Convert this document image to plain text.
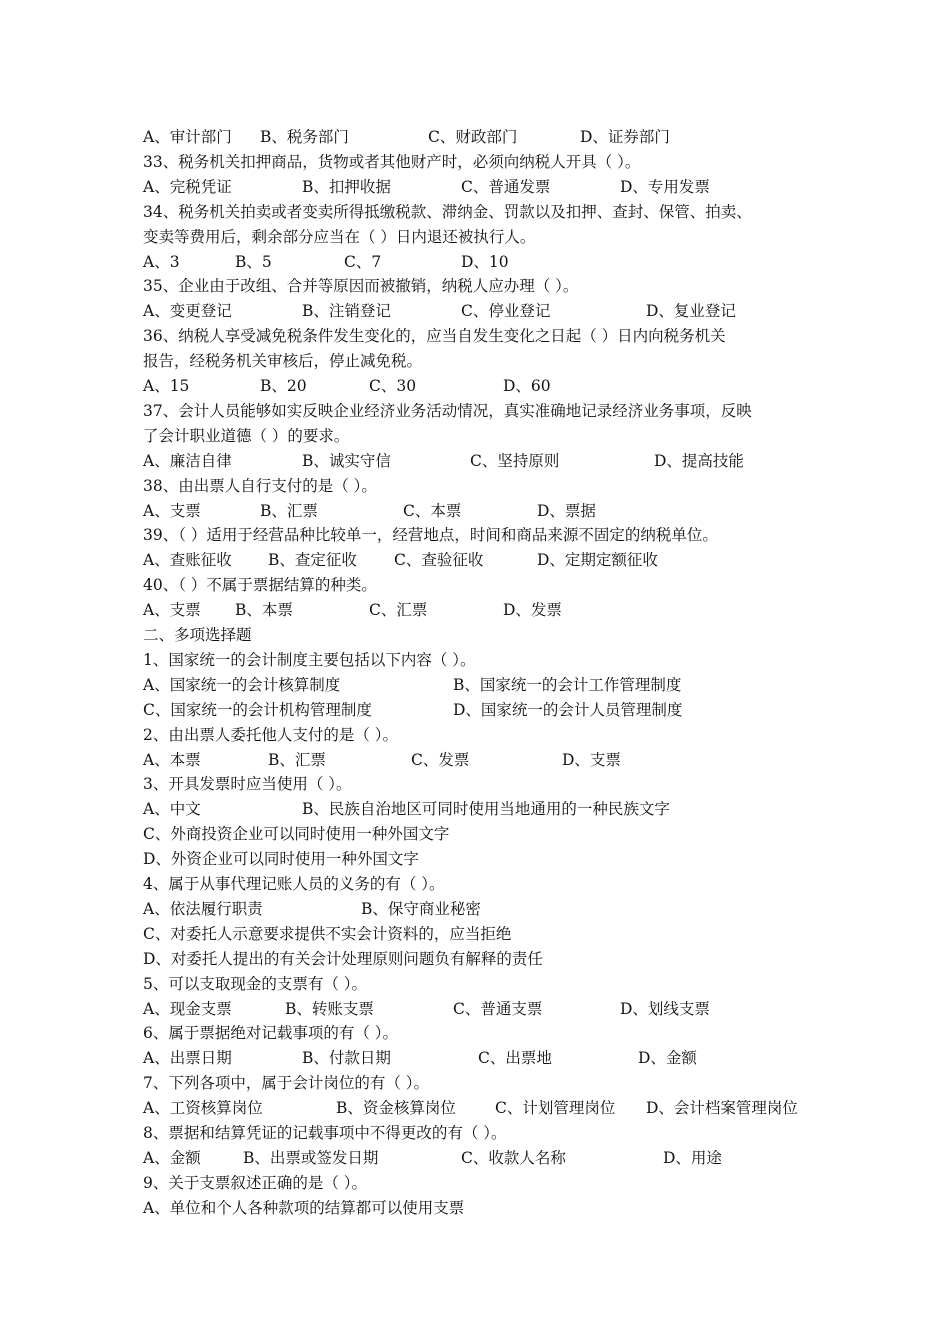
A、审计部门 B、税务部门	C、财政部门	D、证券部门
33、税务机关扣押商品，货物或者其他财产时，必须向纳税人开具（ ）。
A、完税凭证	B、扣押收据	C、普通发票	D、专用发票
34、税务机关拍卖或者变卖所得抵缴税款、滞纳金、罚款以及扣押、查封、保管、拍卖、
变卖等费用后，剩余部分应当在（ ）日内退还被执行人。
A、3	B、5	C、7	D、10
35、企业由于改组、合并等原因而被撤销，纳税人应办理（ ）。
A、变更登记	B、注销登记	C、停业登记	D、复业登记
36、纳税人享受减免税条件发生变化的，应当自发生变化之日起（ ）日内向税务机关
报告，经税务机关审核后，停止减免税。
A、15	B、20	C、30	D、60
37、会计人员能够如实反映企业经济业务活动情况，真实准确地记录经济业务事项，反映
了会计职业道德（ ）的要求。
A、廉洁自律	B、诚实守信	C、坚持原则	D、提高技能
38、由出票人自行支付的是（ ）。
A、支票	B、汇票	C、本票	D、票据
39、（ ）适用于经营品种比较单一，经营地点，时间和商品来源不固定的纳税单位。
A、查账征收 B、查定征收 C、查验征收	D、定期定额征收
40、（ ）不属于票据结算的种类。
A、支票 B、本票	C、汇票	D、发票
二、多项选择题
1、国家统一的会计制度主要包括以下内容（ ）。
A、国家统一的会计核算制度	B、国家统一的会计工作管理制度
C、国家统一的会计机构管理制度	D、国家统一的会计人员管理制度
2、由出票人委托他人支付的是（ ）。
A、本票	B、汇票	C、发票	D、支票
3、开具发票时应当使用（ ）。
A、中文	B、民族自治地区可同时使用当地通用的一种民族文字
C、外商投资企业可以同时使用一种外国文字
D、外资企业可以同时使用一种外国文字
4、属于从事代理记账人员的义务的有（ ）。
A、依法履行职责	B、保守商业秘密
C、对委托人示意要求提供不实会计资料的，应当拒绝
D、对委托人提出的有关会计处理原则问题负有解释的责任
5、可以支取现金的支票有（ ）。
A、现金支票	B、转账支票	C、普通支票	D、划线支票
6、属于票据绝对记载事项的有（ ）。
A、出票日期	B、付款日期	C、出票地	D、金额
7、下列各项中，属于会计岗位的有（ ）。
A、工资核算岗位	B、资金核算岗位	C、计划管理岗位 D、会计档案管理岗位
8、票据和结算凭证的记载事项中不得更改的有（ ）。
A、金额	B、出票或签发日期	C、收款人名称	D、用途
9、关于支票叙述正确的是（ ）。
A、单位和个人各种款项的结算都可以使用支票
